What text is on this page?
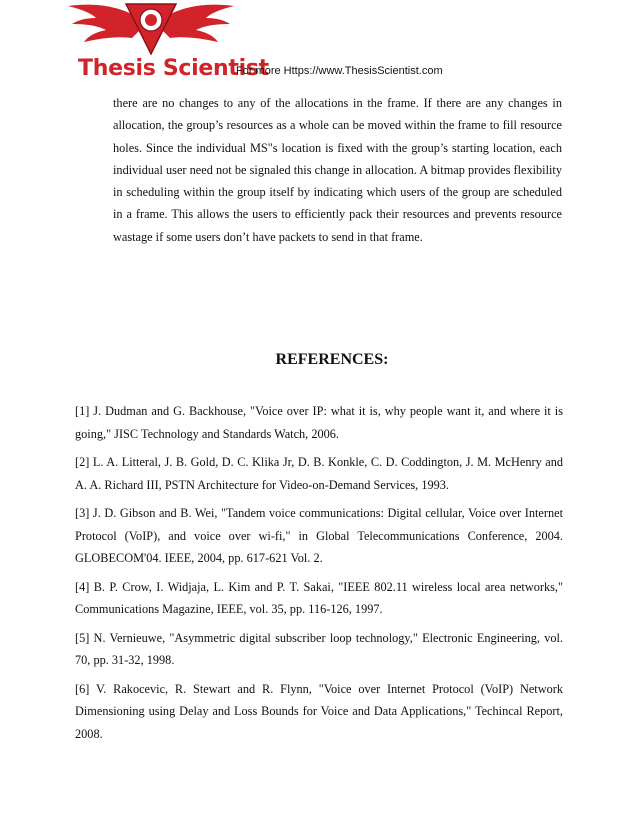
Thesis Scientist
For more Https://www.ThesisScientist.com

there are no changes to any of the allocations in the frame. If there are any changes in allocation, the group’s resources as a whole can be moved within the frame to fill resource holes. Since the individual MS"s location is fixed with the group’s starting location, each individual user need not be signaled this change in allocation. A bitmap provides flexibility in scheduling within the group itself by indicating which users of the group are scheduled in a frame. This allows the users to efficiently pack their resources and prevents resource wastage if some users don’t have packets to send in that frame.

REFERENCES:
[1] J. Dudman and G. Backhouse, "Voice over IP: what it is, why people want it, and where it is going," JISC Technology and Standards Watch, 2006.
[2] L. A. Litteral, J. B. Gold, D. C. Klika Jr, D. B. Konkle, C. D. Coddington, J. M. McHenry and A. A. Richard III, PSTN Architecture for Video-on-Demand Services, 1993.
[3] J. D. Gibson and B. Wei, "Tandem voice communications: Digital cellular, Voice over Internet Protocol (VoIP), and voice over wi-fi," in Global Telecommunications Conference, 2004. GLOBECOM'04. IEEE, 2004, pp. 617-621 Vol. 2.
[4] B. P. Crow, I. Widjaja, L. Kim and P. T. Sakai, "IEEE 802.11 wireless local area networks," Communications Magazine, IEEE, vol. 35, pp. 116-126, 1997.
[5] N. Vernieuwe, "Asymmetric digital subscriber loop technology," Electronic Engineering, vol. 70, pp. 31-32, 1998.
[6] V. Rakocevic, R. Stewart and R. Flynn, "Voice over Internet Protocol (VoIP) Network Dimensioning using Delay and Loss Bounds for Voice and Data Applications," Techincal Report, 2008.
